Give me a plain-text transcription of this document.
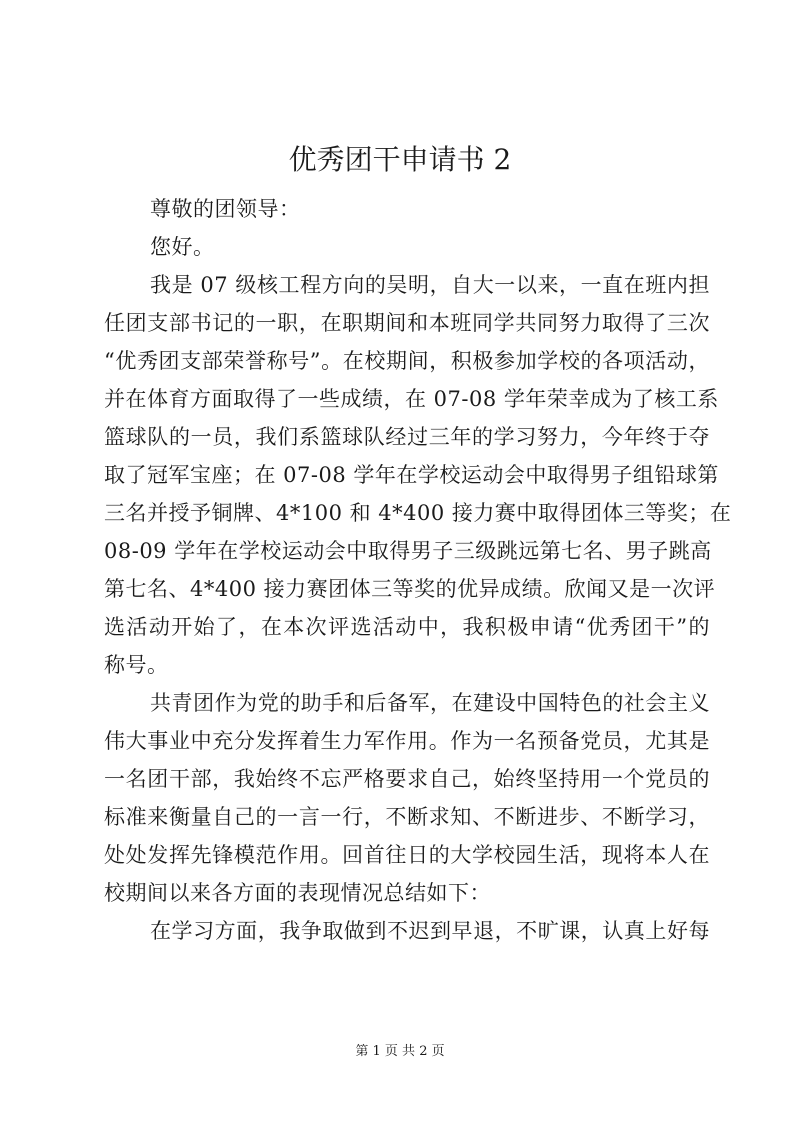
优秀团干申请书 2
尊敬的团领导：
您好。
我是 07 级核工程方向的吴明，自大一以来，一直在班内担
任团支部书记的一职，在职期间和本班同学共同努力取得了三次
“优秀团支部荣誉称号”。在校期间，积极参加学校的各项活动，
并在体育方面取得了一些成绩，在 07-08 学年荣幸成为了核工系
篮球队的一员，我们系篮球队经过三年的学习努力，今年终于夺
取了冠军宝座；在 07-08 学年在学校运动会中取得男子组铅球第
三名并授予铜牌、4*100 和 4*400 接力赛中取得团体三等奖；在
08-09 学年在学校运动会中取得男子三级跳远第七名、男子跳高
第七名、4*400 接力赛团体三等奖的优异成绩。欣闻又是一次评
选活动开始了，在本次评选活动中，我积极申请“优秀团干”的
称号。
共青团作为党的助手和后备军，在建设中国特色的社会主义
伟大事业中充分发挥着生力军作用。作为一名预备党员，尤其是
一名团干部，我始终不忘严格要求自己，始终坚持用一个党员的
标准来衡量自己的一言一行，不断求知、不断进步、不断学习，
处处发挥先锋模范作用。回首往日的大学校园生活，现将本人在
校期间以来各方面的表现情况总结如下：
在学习方面，我争取做到不迟到早退，不旷课，认真上好每
第 1 页 共 2 页
